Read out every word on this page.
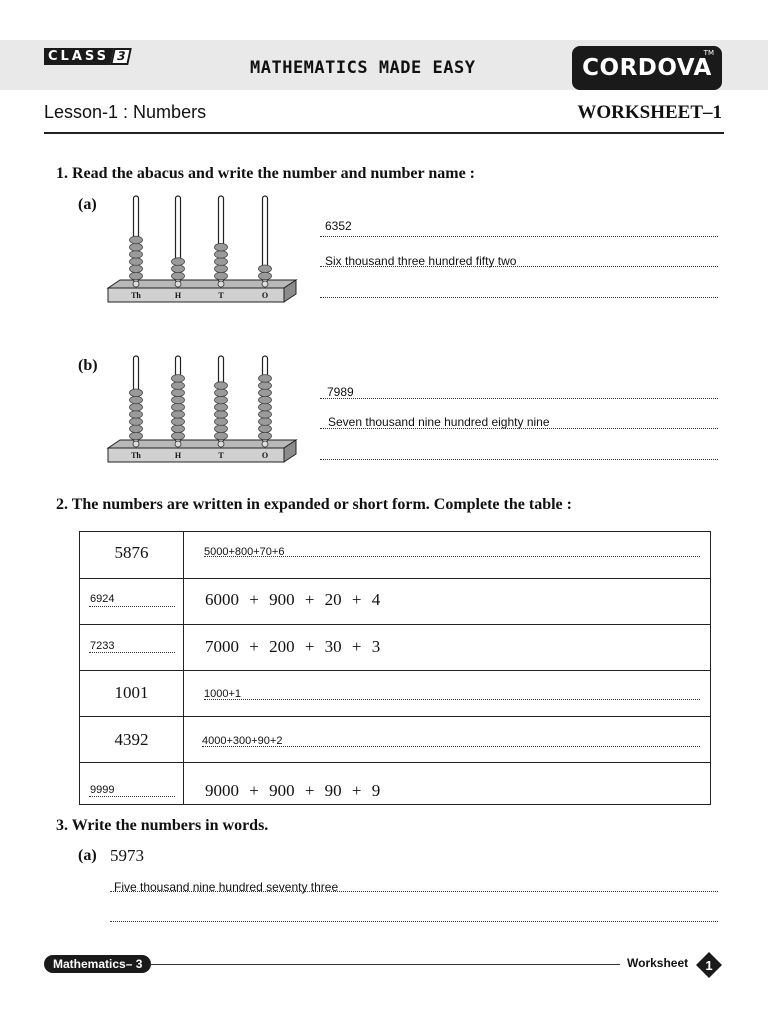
CLASS 3
MATHEMATICS MADE EASY	CORDOVA
TM
Lesson-1 : Numbers	WORKSHEET–1
1. Read the abacus and write the number and number name :
(a)
Th	H	T	O
6352
Six thousand three hundred fifty two
(b)
Th	H	T	O
7989
Seven thousand nine hundred eighty nine
2. The numbers are written in expanded or short form. Complete the table :
5876	5000+800+70+6
6924	6000 + 900 + 20 + 4
7233	7000 + 200 + 30 + 3
1001	1000+1
4392	4000+300+90+2
9999	9000 + 900 + 90 + 9
3. Write the numbers in words.
(a) 5973
Five thousand nine hundred seventy three
Mathematics– 3	Worksheet 1
